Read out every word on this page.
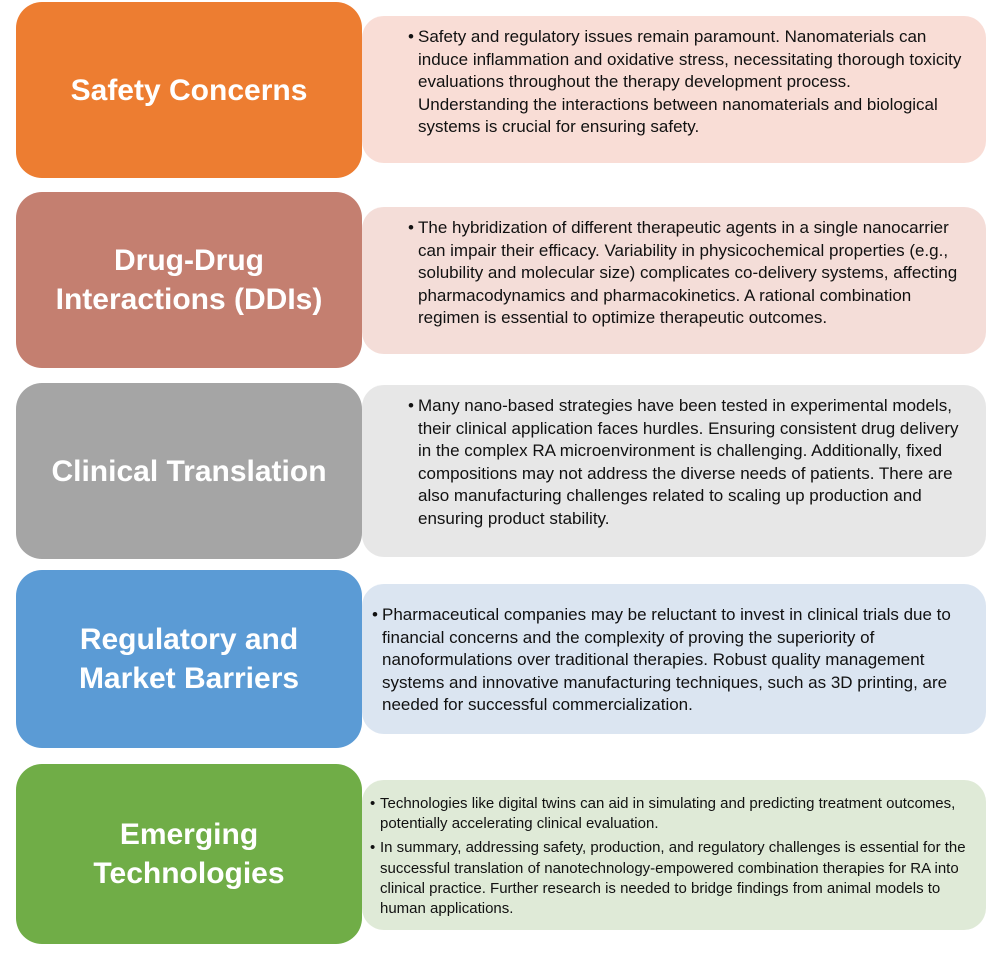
• Safety and regulatory issues remain paramount. Nanomaterials can induce inflammation and oxidative stress, necessitating thorough toxicity evaluations throughout the therapy development process. Understanding the interactions between nanomaterials and biological systems is crucial for ensuring safety.
Safety Concerns
• The hybridization of different therapeutic agents in a single nanocarrier can impair their efficacy. Variability in physicochemical properties (e.g., solubility and molecular size) complicates co-delivery systems, affecting pharmacodynamics and pharmacokinetics. A rational combination regimen is essential to optimize therapeutic outcomes.
Drug-Drug
Interactions (DDIs)
• Many nano-based strategies have been tested in experimental models, their clinical application faces hurdles. Ensuring consistent drug delivery in the complex RA microenvironment is challenging. Additionally, fixed compositions may not address the diverse needs of patients. There are also manufacturing challenges related to scaling up production and ensuring product stability.
Clinical Translation
• Pharmaceutical companies may be reluctant to invest in clinical trials due to financial concerns and the complexity of proving the superiority of nanoformulations over traditional therapies. Robust quality management systems and innovative manufacturing techniques, such as 3D printing, are needed for successful commercialization.
Regulatory and
Market Barriers
• Technologies like digital twins can aid in simulating and predicting treatment outcomes, potentially accelerating clinical evaluation.
• In summary, addressing safety, production, and regulatory challenges is essential for the successful translation of nanotechnology-empowered combination therapies for RA into clinical practice. Further research is needed to bridge findings from animal models to human applications.
Emerging
Technologies
